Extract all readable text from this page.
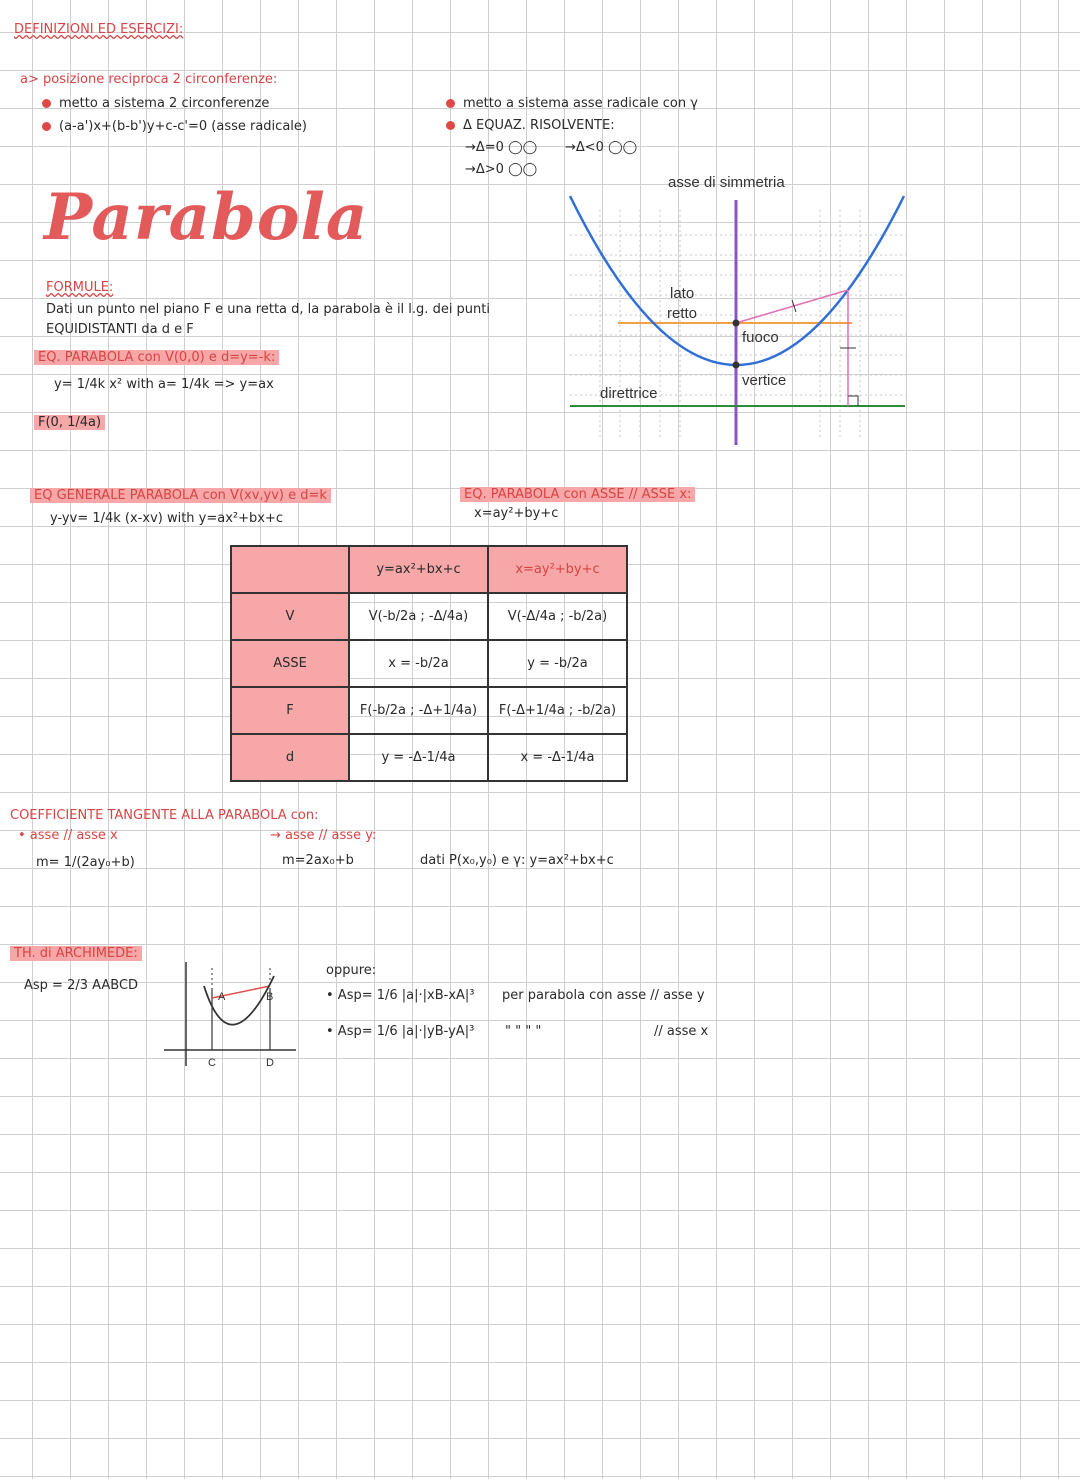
DEFINIZIONI ED ESERCIZI:
a> posizione reciproca 2 circonferenze:
metto a sistema 2 circonferenze
(a-a')x+(b-b')y+c-c'=0 (asse radicale)
metto a sistema asse radicale con γ
Δ EQUAZ. RISOLVENTE:
→Δ=0 ◯◯ →Δ<0 ◯◯
→Δ>0 ◯◯
Parabola
FORMULE:
Dati un punto nel piano F e una retta d, la parabola è il l.g. dei punti
EQUIDISTANTI da d e F
EQ. PARABOLA con V(0,0) e d=y=-k:
y= 1/4k x² with a= 1/4k => y=ax
F(0, 1/4a)
asse di simmetria
lato
retto
fuoco
vertice
direttrice
EQ GENERALE PARABOLA con V(xv,yv) e d=k
y-yv= 1/4k (x-xv) with y=ax²+bx+c
EQ. PARABOLA con ASSE // ASSE x:
x=ay²+by+c
	y=ax²+bx+c	x=ay²+by+c
V	V(-b/2a ; -Δ/4a)	V(-Δ/4a ; -b/2a)
ASSE	x = -b/2a	y = -b/2a
F	F(-b/2a ; -Δ+1/4a)	F(-Δ+1/4a ; -b/2a)
d	y = -Δ-1/4a	x = -Δ-1/4a
COEFFICIENTE TANGENTE ALLA PARABOLA con:
• asse // asse x
m= 1/(2ay₀+b)
→ asse // asse y:
m=2ax₀+b	dati P(x₀,y₀) e γ: y=ax²+bx+c
TH. di ARCHIMEDE:
Asp = 2/3 AABCD
A	B
C	D
oppure:
• Asp= 1/6 |a|·|xB-xA|³ per parabola con asse // asse y
• Asp= 1/6 |a|·|yB-yA|³ " " " "	// asse x
